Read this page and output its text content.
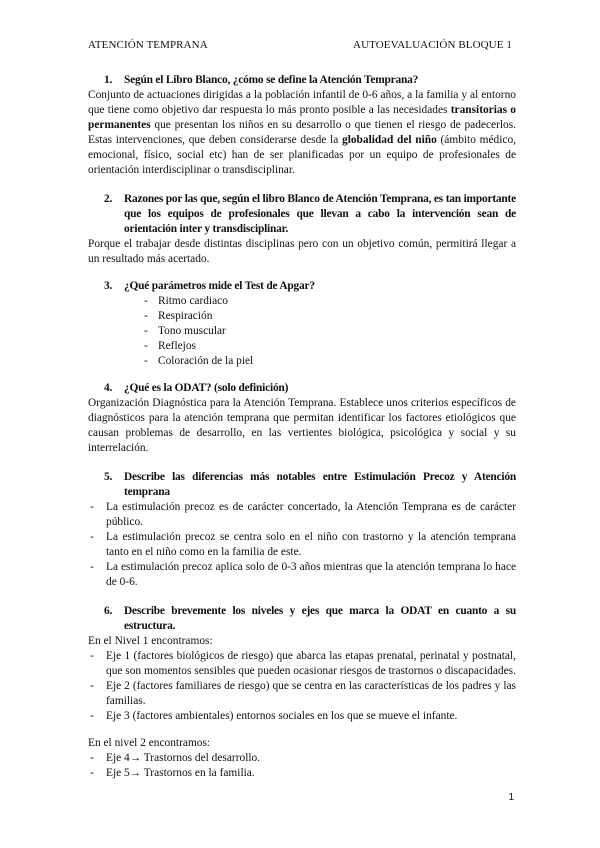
ATENCIÓN TEMPRANA	AUTOEVALUACIÓN BLOQUE 1
1.	Según el Libro Blanco, ¿cómo se define la Atención Temprana?

Conjunto de actuaciones dirigidas a la población infantil de 0-6 años, a la familia y al entorno que tiene como objetivo dar respuesta lo más pronto posible a las necesidades transitorias o permanentes que presentan los niños en su desarrollo o que tienen el riesgo de padecerlos. Estas intervenciones, que deben considerarse desde la globalidad del niño (ámbito médico, emocional, físico, social etc) han de ser planificadas por un equipo de profesionales de orientación interdisciplinar o transdisciplinar.

2.	Razones por las que, según el libro Blanco de Atención Temprana, es tan importante que los equipos de profesionales que llevan a cabo la intervención sean de orientación inter y transdisciplinar.

Porque el trabajar desde distintas disciplinas pero con un objetivo común, permitirá llegar a un resultado más acertado.

3.	¿Qué parámetros mide el Test de Apgar?
- Ritmo cardiaco
- Respiración
- Tono muscular
- Reflejos
- Coloración de la piel
4.	¿Qué es la ODAT? (solo definición)

Organización Diagnóstica para la Atención Temprana. Establece unos criterios específicos de diagnósticos para la atención temprana que permitan identificar los factores etiológicos que causan problemas de desarrollo, en las vertientes biológica, psicológica y social y su interrelación.

5.	Describe las diferencias más notables entre Estimulación Precoz y Atención temprana
-	La estimulación precoz es de carácter concertado, la Atención Temprana es de carácter público.
-	La estimulación precoz se centra solo en el niño con trastorno y la atención temprana tanto en el niño como en la familia de este.
-	La estimulación precoz aplica solo de 0-3 años mientras que la atención temprana lo hace de 0-6.
6.	Describe brevemente los niveles y ejes que marca la ODAT en cuanto a su estructura.

En el Nivel 1 encontramos:

-	Eje 1 (factores biológicos de riesgo) que abarca las etapas prenatal, perinatal y postnatal, que son momentos sensibles que pueden ocasionar riesgos de trastornos o discapacidades.
-	Eje 2 (factores familiares de riesgo) que se centra en las características de los padres y las familias.
-	Eje 3 (factores ambientales) entornos sociales en los que se mueve el infante.

En el nivel 2 encontramos:

-	Eje 4→ Trastornos del desarrollo.
-	Eje 5→ Trastornos en la familia.
1
